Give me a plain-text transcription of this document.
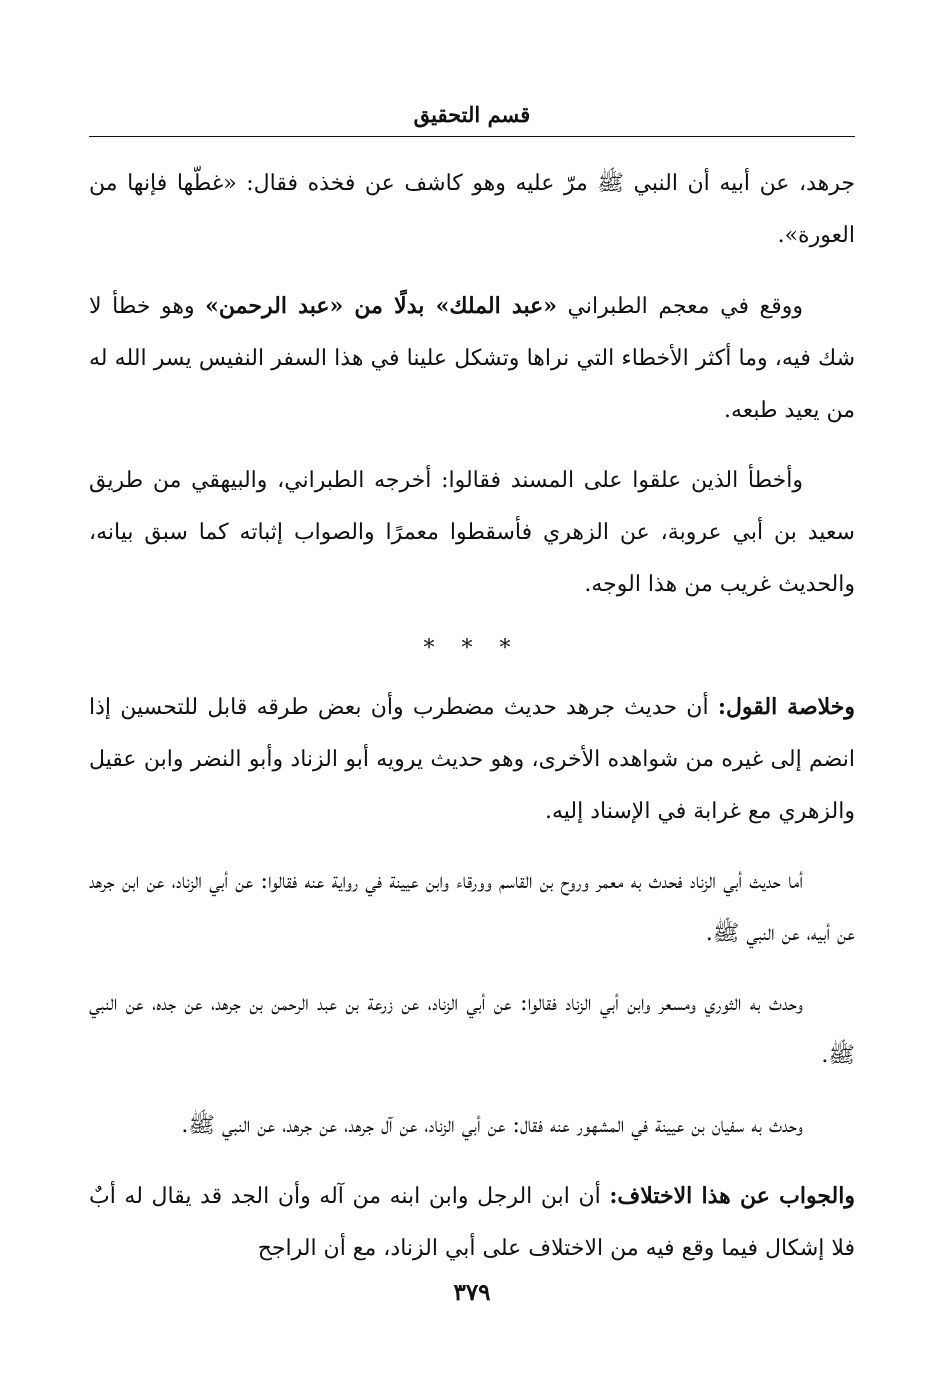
قسم التحقيق

جرهد، عن أبيه أن النبي ﷺ مرّ عليه وهو كاشف عن فخذه فقال: «غطّها فإنها من العورة».

ووقع في معجم الطبراني «عبد الملك» بدلًا من «عبد الرحمن» وهو خطأ لا شك فيه، وما أكثر الأخطاء التي نراها وتشكل علينا في هذا السفر النفيس يسر الله له من يعيد طبعه.

وأخطأ الذين علقوا على المسند فقالوا: أخرجه الطبراني، والبيهقي من طريق سعيد بن أبي عروبة، عن الزهري فأسقطوا معمرًا والصواب إثباته كما سبق بيانه، والحديث غريب من هذا الوجه.

* * *

وخلاصة القول: أن حديث جرهد حديث مضطرب وأن بعض طرقه قابل للتحسين إذا انضم إلى غيره من شواهده الأخرى، وهو حديث يرويه أبو الزناد وأبو النضر وابن عقيل والزهري مع غرابة في الإسناد إليه.

أما حديث أبي الزناد فحدث به معمر وروح بن القاسم وورقاء وابن عيينة في رواية عنه فقالوا: عن أبي الزناد، عن ابن جرهد عن أبيه، عن النبي ﷺ.

وحدث به الثوري ومسعر وابن أبي الزناد فقالوا: عن أبي الزناد، عن زرعة بن عبد الرحمن بن جرهد، عن جده، عن النبي ﷺ.

وحدث به سفيان بن عيينة في المشهور عنه فقال: عن أبي الزناد، عن آل جرهد، عن جرهد، عن النبي ﷺ.

والجواب عن هذا الاختلاف: أن ابن الرجل وابن ابنه من آله وأن الجد قد يقال له أبٌ فلا إشكال فيما وقع فيه من الاختلاف على أبي الزناد، مع أن الراجح

٣٧٩
